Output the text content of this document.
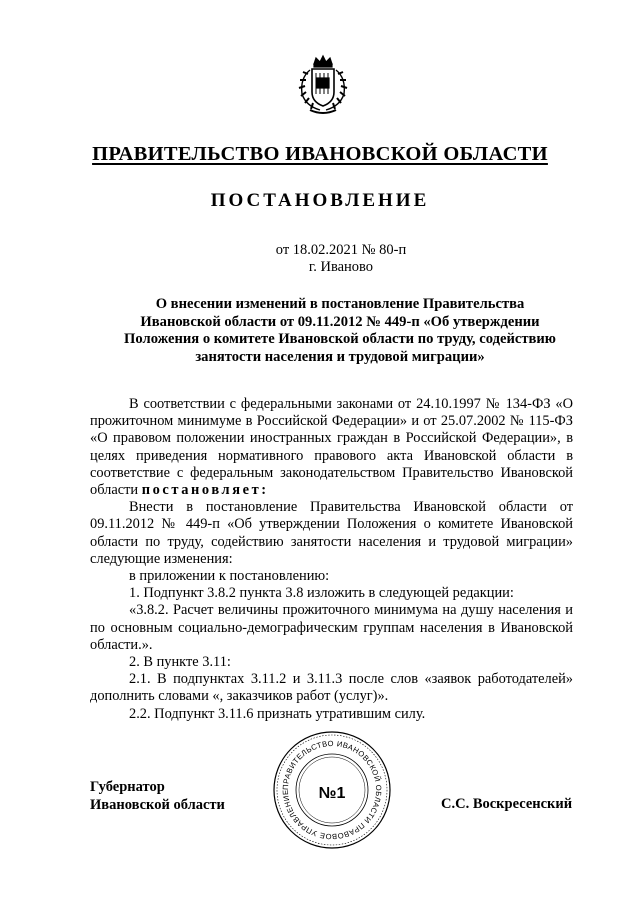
ПРАВИТЕЛЬСТВО ИВАНОВСКОЙ ОБЛАСТИ
ПОСТАНОВЛЕНИЕ
от 18.02.2021 № 80-п
г. Иваново
О внесении изменений в постановление Правительства
Ивановской области от 09.11.2012 № 449-п «Об утверждении
Положения о комитете Ивановской области по труду, содействию
занятости населения и трудовой миграции»

В соответствии с федеральными законами от 24.10.1997 № 134-ФЗ «О прожиточном минимуме в Российской Федерации» и от 25.07.2002 № 115-ФЗ «О правовом положении иностранных граждан в Российской Федерации», в целях приведения нормативного правового акта Ивановской области в соответствие с федеральным законодательством Правительство Ивановской области постановляет:

Внести в постановление Правительства Ивановской области от 09.11.2012 № 449-п «Об утверждении Положения о комитете Ивановской области по труду, содействию занятости населения и трудовой миграции» следующие изменения:

в приложении к постановлению:

1. Подпункт 3.8.2 пункта 3.8 изложить в следующей редакции:

«3.8.2. Расчет величины прожиточного минимума на душу населения и по основным социально-демографическим группам населения в Ивановской области.».

2. В пункте 3.11:

2.1. В подпунктах 3.11.2 и 3.11.3 после слов «заявок работодателей» дополнить словами «, заказчиков работ (услуг)».

2.2. Подпункт 3.11.6 признать утратившим силу.

Губернатор
Ивановской области	С.С. Воскресенский
ПРАВИТЕЛЬСТВО ИВАНОВСКОЙ ОБЛАСТИ ПРАВОВОЕ УПРАВЛЕНИЕ	№1
